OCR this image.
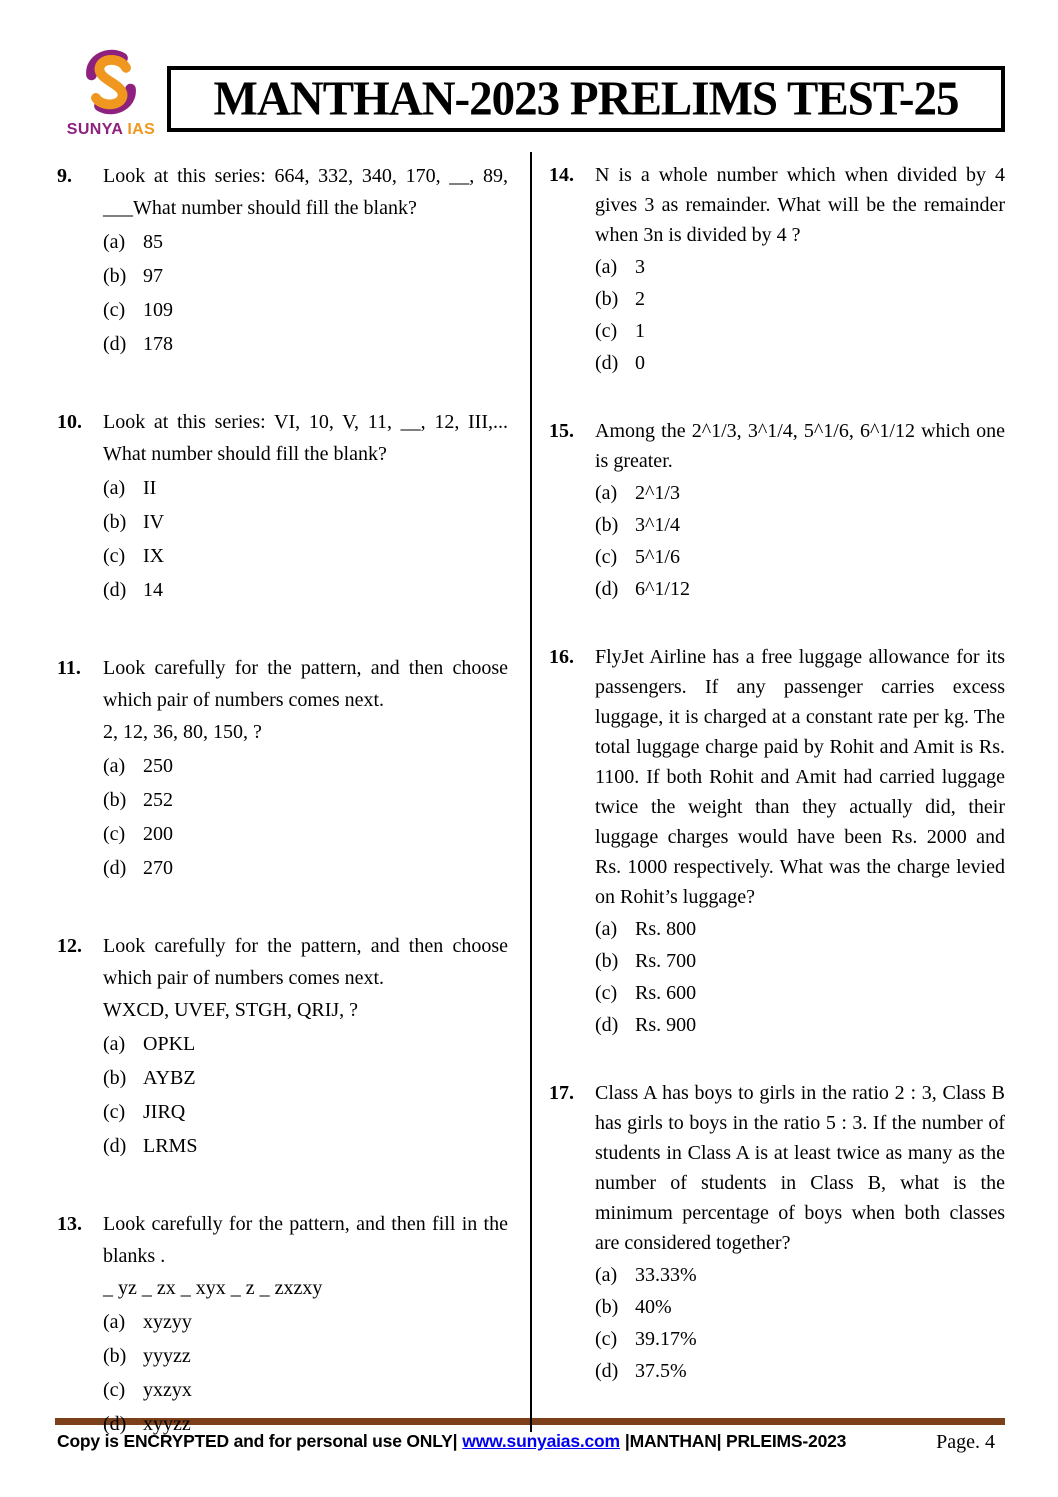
SUNYA IAS
MANTHAN-2023 PRELIMS TEST-25
9.	Look at this series: 664, 332, 340, 170, __, 89, ___What number should fill the blank?

(a) 85
(b) 97
(c) 109
(d) 178
10.	Look at this series: VI, 10, V, 11, __, 12, III,... What number should fill the blank?

(a) II
(b) IV
(c) IX
(d) 14
11.	Look carefully for the pattern, and then choose which pair of numbers comes next.

2, 12, 36, 80, 150, ?

(a) 250
(b) 252
(c) 200
(d) 270
12.	Look carefully for the pattern, and then choose which pair of numbers comes next.

WXCD, UVEF, STGH, QRIJ, ?

(a) OPKL
(b) AYBZ
(c) JIRQ
(d) LRMS
13.	Look carefully for the pattern, and then fill in the blanks .

_ yz _ zx _ xyx _ z _ zxzxy

(a) xyzyy
(b) yyyzz
(c) yxzyx
(d) xyyzz
14.	N is a whole number which when divided by 4 gives 3 as remainder. What will be the remainder when 3n is divided by 4 ?

(a) 3
(b) 2
(c) 1
(d) 0
15.	Among the 2^1/3, 3^1/4, 5^1/6, 6^1/12 which one is greater.

(a) 2^1/3
(b) 3^1/4
(c) 5^1/6
(d) 6^1/12
16.	FlyJet Airline has a free luggage allowance for its passengers. If any passenger carries excess luggage, it is charged at a constant rate per kg. The total luggage charge paid by Rohit and Amit is Rs. 1100. If both Rohit and Amit had carried luggage twice the weight than they actually did, their luggage charges would have been Rs. 2000 and Rs. 1000 respectively. What was the charge levied on Rohit’s luggage?

(a) Rs. 800
(b) Rs. 700
(c) Rs. 600
(d) Rs. 900
17.	Class A has boys to girls in the ratio 2 : 3, Class B has girls to boys in the ratio 5 : 3. If the number of students in Class A is at least twice as many as the number of students in Class B, what is the minimum percentage of boys when both classes are considered together?

(a) 33.33%
(b) 40%
(c) 39.17%
(d) 37.5%
Copy is ENCRYPTED and for personal use ONLY| www.sunyaias.com |MANTHAN| PRLEIMS-2023	Page. 4
